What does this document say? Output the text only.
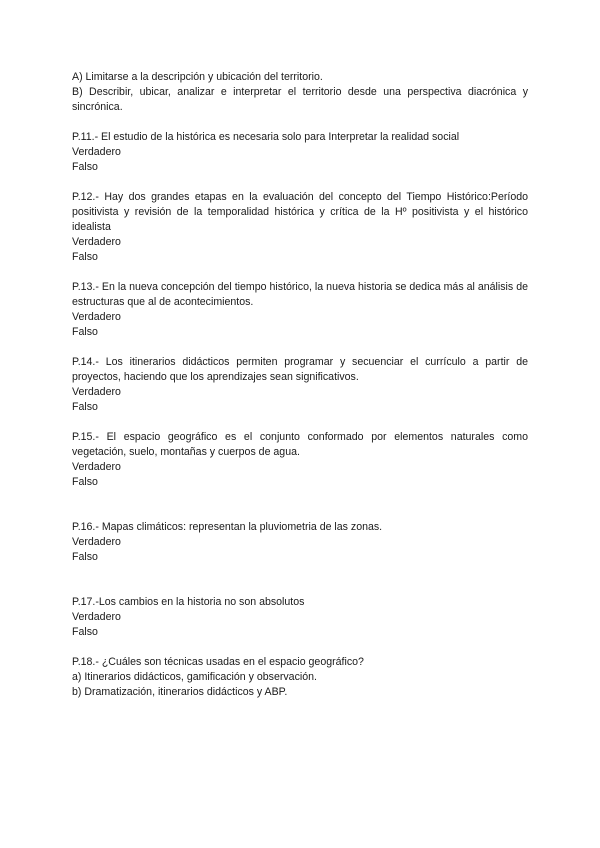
A) Limitarse a la descripción y ubicación del territorio.
B) Describir, ubicar, analizar e interpretar el territorio desde una perspectiva diacrónica y sincrónica.
P.11.- El estudio de la histórica es necesaria solo para Interpretar la realidad social
Verdadero
Falso
P.12.- Hay dos grandes etapas en la evaluación del concepto del Tiempo Histórico:Período positivista y revisión de la temporalidad histórica y crítica de la Hº positivista y el histórico idealista
Verdadero
Falso
P.13.- En la nueva concepción del tiempo histórico, la nueva historia se dedica más al análisis de estructuras que al de acontecimientos.
Verdadero
Falso
P.14.- Los itinerarios didácticos permiten programar y secuenciar el currículo a partir de proyectos, haciendo que los aprendizajes sean significativos.
Verdadero
Falso
P.15.- El espacio geográfico es el conjunto conformado por elementos naturales como vegetación, suelo, montañas y cuerpos de agua.
Verdadero
Falso
P.16.- Mapas climáticos: representan la pluviometria de las zonas.
Verdadero
Falso
P.17.-Los cambios en la historia no son absolutos
Verdadero
Falso
P.18.- ¿Cuáles son técnicas usadas en el espacio geográfico?
a) Itinerarios didácticos, gamificación y observación.
b) Dramatización, itinerarios didácticos y ABP.
